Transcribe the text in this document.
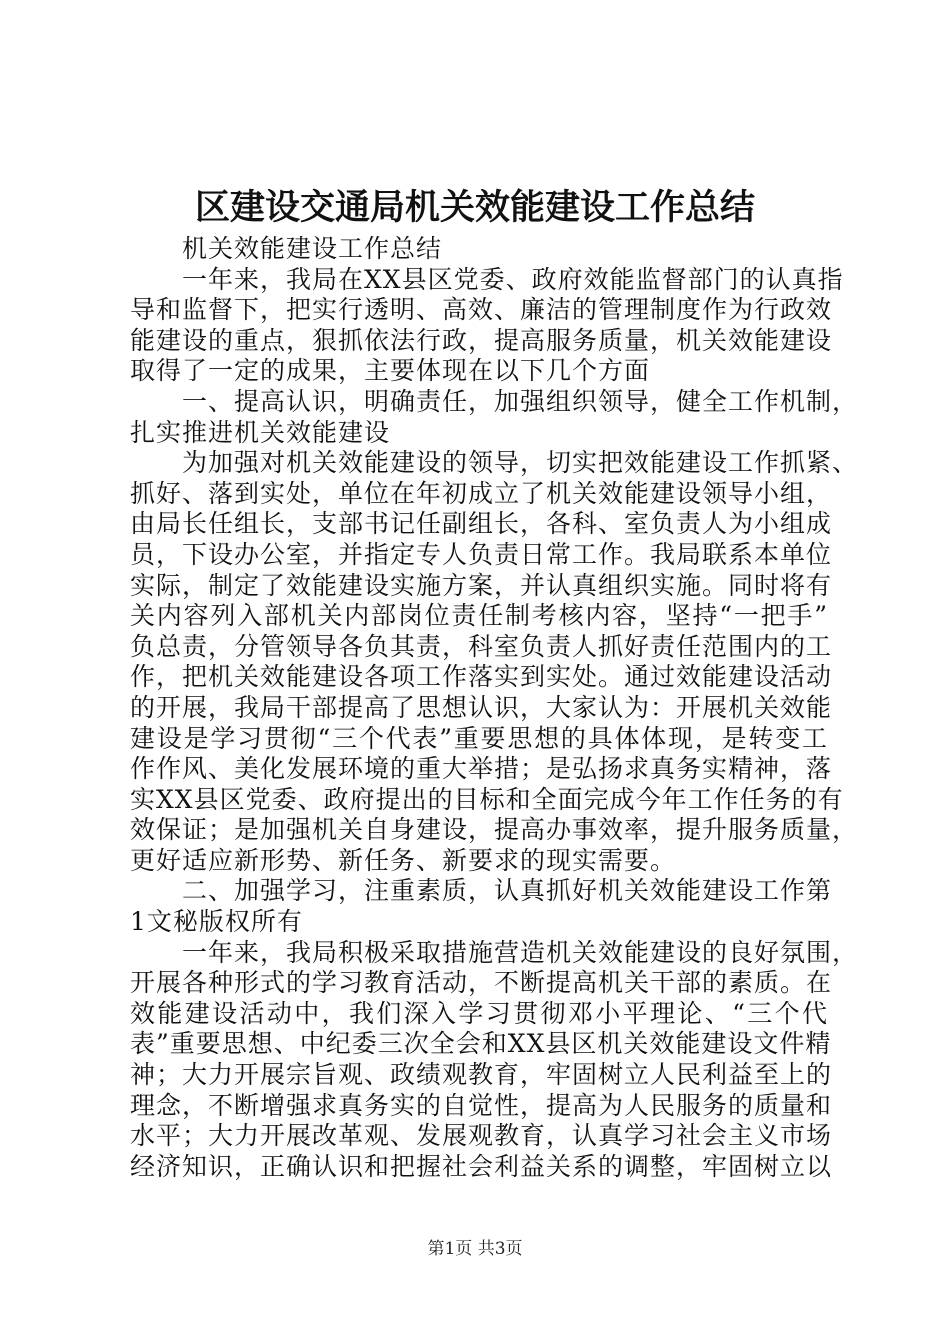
区建设交通局机关效能建设工作总结
机关效能建设工作总结
一年来，我局在XX县区党委、政府效能监督部门的认真指
导和监督下，把实行透明、高效、廉洁的管理制度作为行政效
能建设的重点，狠抓依法行政，提高服务质量，机关效能建设
取得了一定的成果，主要体现在以下几个方面
一、提高认识，明确责任，加强组织领导，健全工作机制，
扎实推进机关效能建设
为加强对机关效能建设的领导，切实把效能建设工作抓紧、
抓好、落到实处，单位在年初成立了机关效能建设领导小组，
由局长任组长，支部书记任副组长，各科、室负责人为小组成
员，下设办公室，并指定专人负责日常工作。我局联系本单位
实际，制定了效能建设实施方案，并认真组织实施。同时将有
关内容列入部机关内部岗位责任制考核内容，坚持“一把手”
负总责，分管领导各负其责，科室负责人抓好责任范围内的工
作，把机关效能建设各项工作落实到实处。通过效能建设活动
的开展，我局干部提高了思想认识，大家认为：开展机关效能
建设是学习贯彻“三个代表”重要思想的具体体现，是转变工
作作风、美化发展环境的重大举措；是弘扬求真务实精神，落
实XX县区党委、政府提出的目标和全面完成今年工作任务的有
效保证；是加强机关自身建设，提高办事效率，提升服务质量，
更好适应新形势、新任务、新要求的现实需要。
二、加强学习，注重素质，认真抓好机关效能建设工作第
1文秘版权所有
一年来，我局积极采取措施营造机关效能建设的良好氛围，
开展各种形式的学习教育活动，不断提高机关干部的素质。在
效能建设活动中，我们深入学习贯彻邓小平理论、“三个代
表”重要思想、中纪委三次全会和XX县区机关效能建设文件精
神；大力开展宗旨观、政绩观教育，牢固树立人民利益至上的
理念，不断增强求真务实的自觉性，提高为人民服务的质量和
水平；大力开展改革观、发展观教育，认真学习社会主义市场
经济知识，正确认识和把握社会利益关系的调整，牢固树立以
第1页 共3页
